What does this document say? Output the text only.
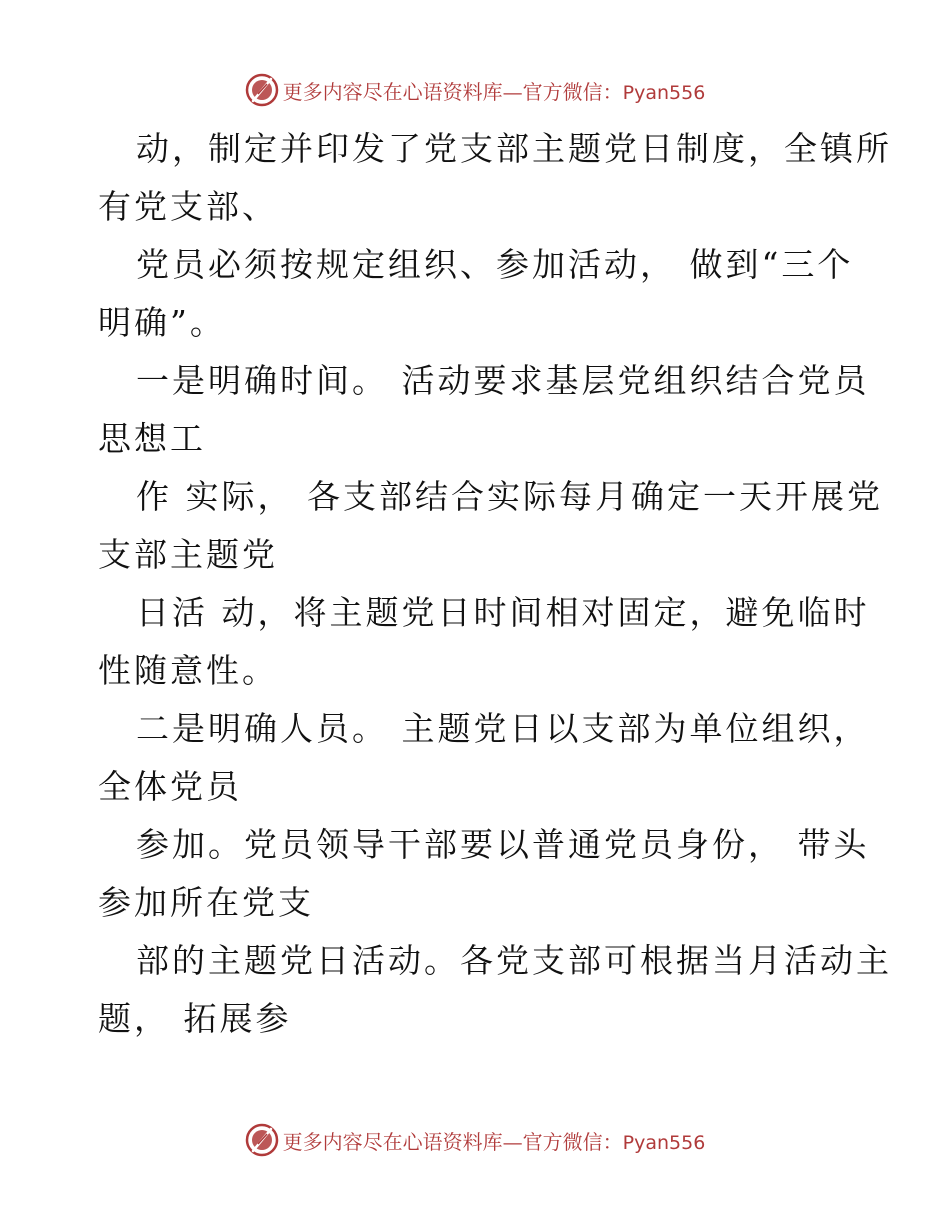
更多内容尽在心语资料库—官方微信：Pyan556
动，制定并印发了党支部主题党日制度，全镇所
有党支部、
党员必须按规定组织、参加活动， 做到“三个
明确”。
一是明确时间。 活动要求基层党组织结合党员
思想工
作 实际， 各支部结合实际每月确定一天开展党
支部主题党
日活 动，将主题党日时间相对固定，避免临时
性随意性。
二是明确人员。 主题党日以支部为单位组织，
全体党员
参加。党员领导干部要以普通党员身份， 带头
参加所在党支
部的主题党日活动。各党支部可根据当月活动主
题， 拓展参
更多内容尽在心语资料库—官方微信：Pyan556
